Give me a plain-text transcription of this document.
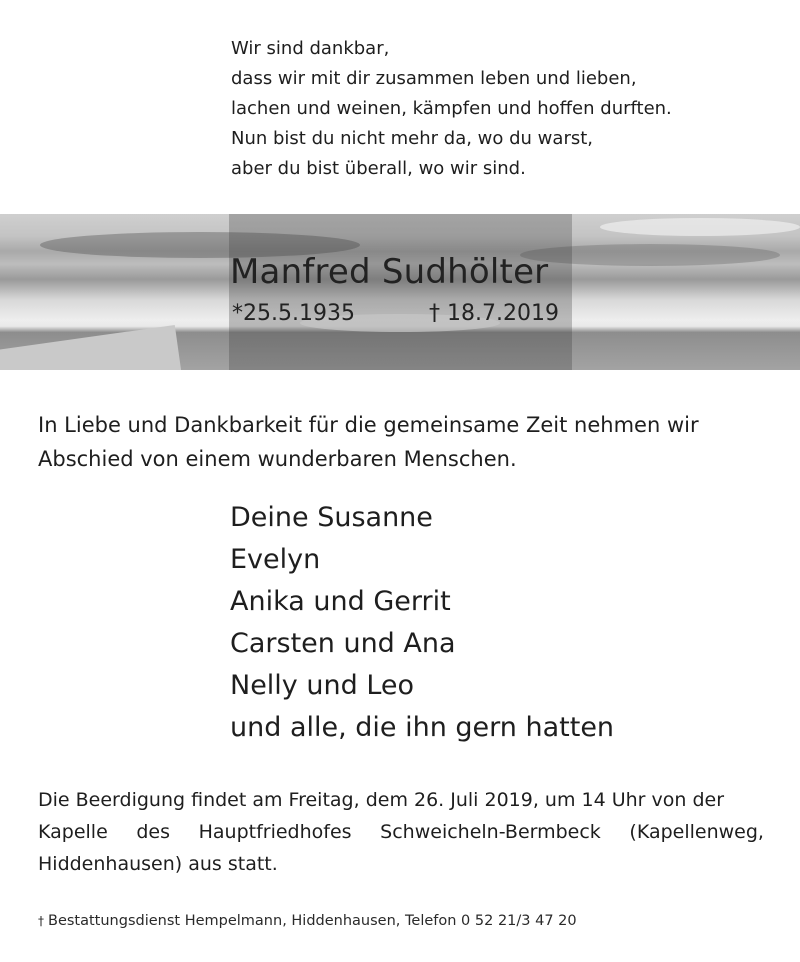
Wir sind dankbar,
dass wir mit dir zusammen leben und lieben,
lachen und weinen, kämpfen und hoffen durften.
Nun bist du nicht mehr da, wo du warst,
aber du bist überall, wo wir sind.
Manfred Sudhölter
*25.5.1935	† 18.7.2019
In Liebe und Dankbarkeit für die gemeinsame Zeit nehmen wir
Abschied von einem wunderbaren Menschen.
Deine Susanne
Evelyn
Anika und Gerrit
Carsten und Ana
Nelly und Leo
und alle, die ihn gern hatten
Die Beerdigung findet am Freitag, dem 26. Juli 2019, um 14 Uhr von der
Kapelle des Hauptfriedhofes Schweicheln-Bermbeck (Kapellenweg,
Hiddenhausen) aus statt.
† Bestattungsdienst Hempelmann, Hiddenhausen, Telefon 0 52 21/3 47 20
